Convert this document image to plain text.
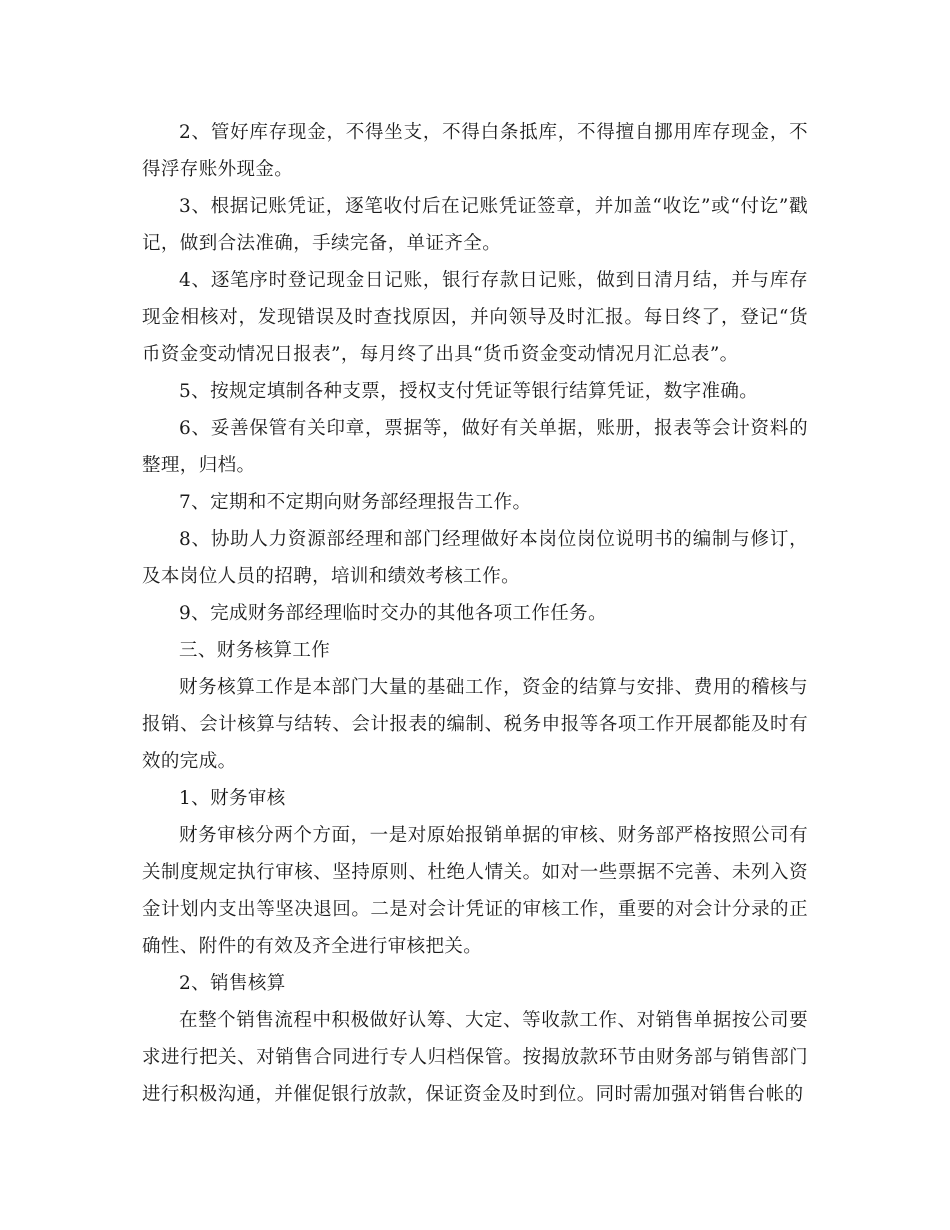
2、管好库存现金，不得坐支，不得白条抵库，不得擅自挪用库存现金，不得浮存账外现金。

3、根据记账凭证，逐笔收付后在记账凭证签章，并加盖“收讫”或“付讫”戳记，做到合法准确，手续完备，单证齐全。

4、逐笔序时登记现金日记账，银行存款日记账，做到日清月结，并与库存现金相核对，发现错误及时查找原因，并向领导及时汇报。每日终了，登记“货币资金变动情况日报表”，每月终了出具“货币资金变动情况月汇总表”。

5、按规定填制各种支票，授权支付凭证等银行结算凭证，数字准确。

6、妥善保管有关印章，票据等，做好有关单据，账册，报表等会计资料的整理，归档。

7、定期和不定期向财务部经理报告工作。

8、协助人力资源部经理和部门经理做好本岗位岗位说明书的编制与修订，及本岗位人员的招聘，培训和绩效考核工作。

9、完成财务部经理临时交办的其他各项工作任务。

三、财务核算工作

财务核算工作是本部门大量的基础工作，资金的结算与安排、费用的稽核与报销、会计核算与结转、会计报表的编制、税务申报等各项工作开展都能及时有效的完成。

1、财务审核

财务审核分两个方面，一是对原始报销单据的审核、财务部严格按照公司有关制度规定执行审核、坚持原则、杜绝人情关。如对一些票据不完善、未列入资金计划内支出等坚决退回。二是对会计凭证的审核工作，重要的对会计分录的正确性、附件的有效及齐全进行审核把关。

2、销售核算

在整个销售流程中积极做好认筹、大定、等收款工作、对销售单据按公司要求进行把关、对销售合同进行专人归档保管。按揭放款环节由财务部与销售部门进行积极沟通，并催促银行放款，保证资金及时到位。同时需加强对销售台帐的
